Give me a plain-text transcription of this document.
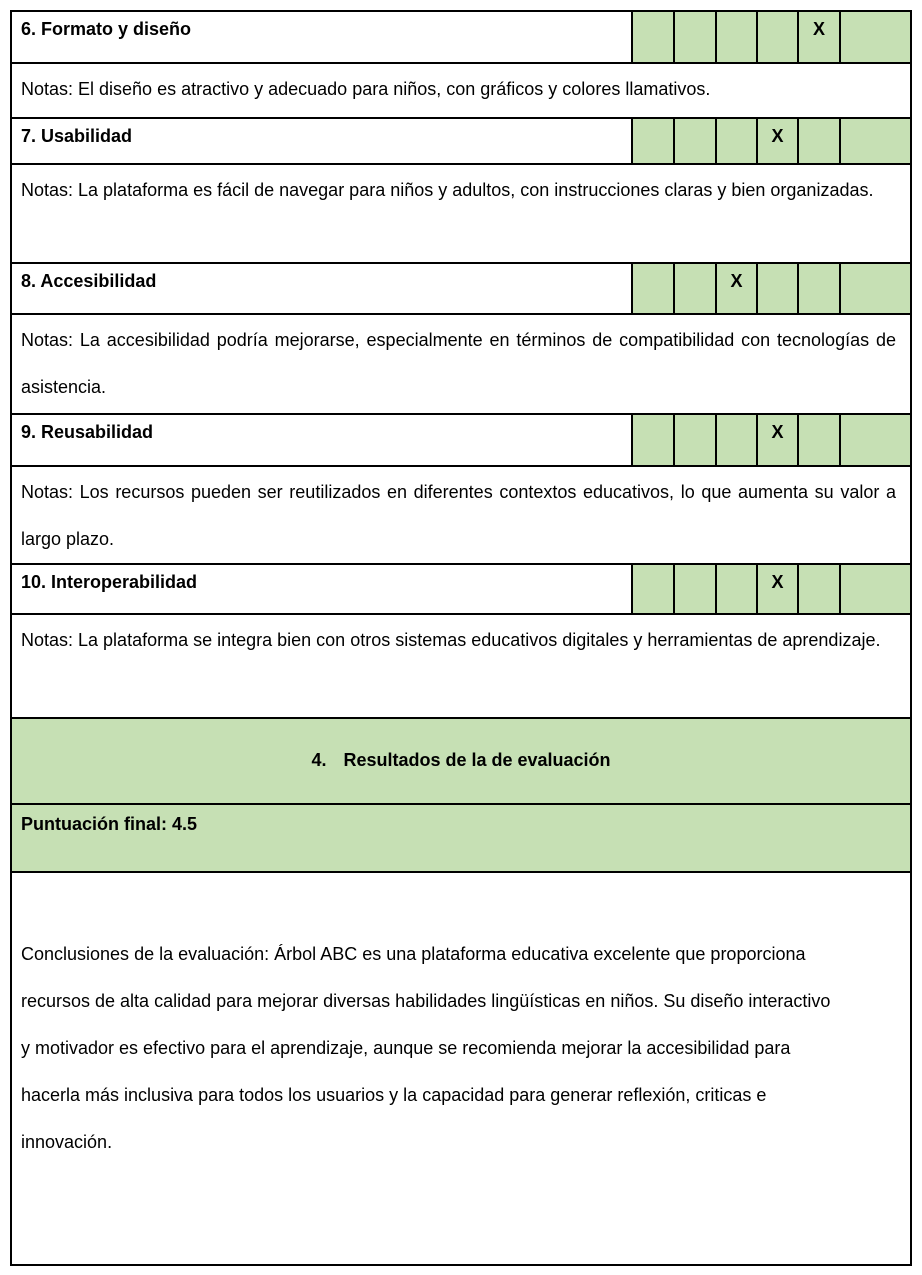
6. Formato y diseño					X	
Notas: El diseño es atractivo y adecuado para niños, con gráficos y colores llamativos.						
7. Usabilidad				X		
Notas: La plataforma es fácil de navegar para niños y adultos, con instrucciones claras y bien organizadas.						
8. Accesibilidad			X			
Notas: La accesibilidad podría mejorarse, especialmente en términos de compatibilidad con tecnologías de asistencia.						
9. Reusabilidad				X		
Notas: Los recursos pueden ser reutilizados en diferentes contextos educativos, lo que aumenta su valor a largo plazo.						
10. Interoperabilidad				X		
Notas: La plataforma se integra bien con otros sistemas educativos digitales y herramientas de aprendizaje.						
4. Resultados de la de evaluación						
Puntuación final: 4.5						
Conclusiones de la evaluación: Árbol ABC es una plataforma educativa excelente que proporciona recursos de alta calidad para mejorar diversas habilidades lingüísticas en niños. Su diseño interactivo y motivador es efectivo para el aprendizaje, aunque se recomienda mejorar la accesibilidad para hacerla más inclusiva para todos los usuarios y la capacidad para generar reflexión, criticas e innovación.						
